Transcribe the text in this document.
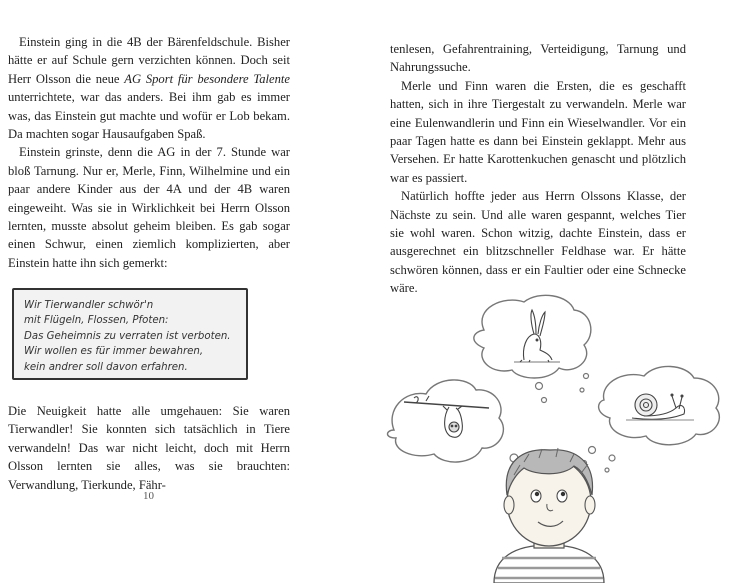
Einstein ging in die 4B der Bärenfeldschule. Bisher hätte er auf Schule gern verzichten können. Doch seit Herr Olsson die neue AG Sport für besondere Talente unterrichtete, war das anders. Bei ihm gab es immer was, das Einstein gut machte und wofür er Lob bekam. Da machten sogar Hausaufgaben Spaß.

Einstein grinste, denn die AG in der 7. Stunde war bloß Tarnung. Nur er, Merle, Finn, Wilhelmine und ein paar andere Kinder aus der 4A und der 4B waren eingeweiht. Was sie in Wirklichkeit bei Herrn Olsson lernten, musste absolut geheim bleiben. Es gab sogar einen Schwur, einen ziemlich komplizierten, aber Einstein hatte ihn sich gemerkt:

Wir Tierwandler schwör'n
mit Flügeln, Flossen, Pfoten:
Das Geheimnis zu verraten ist verboten.
Wir wollen es für immer bewahren,
kein andrer soll davon erfahren.

Die Neuigkeit hatte alle umgehauen: Sie waren Tierwandler! Sie konnten sich tatsächlich in Tiere verwandeln! Das war nicht leicht, doch mit Herrn Olsson lernten sie alles, was sie brauchten: Verwandlung, Tierkunde, Fähr-

10

tenlesen, Gefahrentraining, Verteidigung, Tarnung und Nahrungssuche.

Merle und Finn waren die Ersten, die es geschafft hatten, sich in ihre Tiergestalt zu verwandeln. Merle war eine Eulenwandlerin und Finn ein Wieselwandler. Vor ein paar Tagen hatte es dann bei Einstein geklappt. Mehr aus Versehen. Er hatte Karottenkuchen genascht und plötzlich war es passiert.

Natürlich hoffte jeder aus Herrn Olssons Klasse, der Nächste zu sein. Und alle waren gespannt, welches Tier sie wohl waren. Schon witzig, dachte Einstein, dass er ausgerechnet ein blitzschneller Feldhase war. Er hätte schwören können, dass er ein Faultier oder eine Schnecke wäre.
